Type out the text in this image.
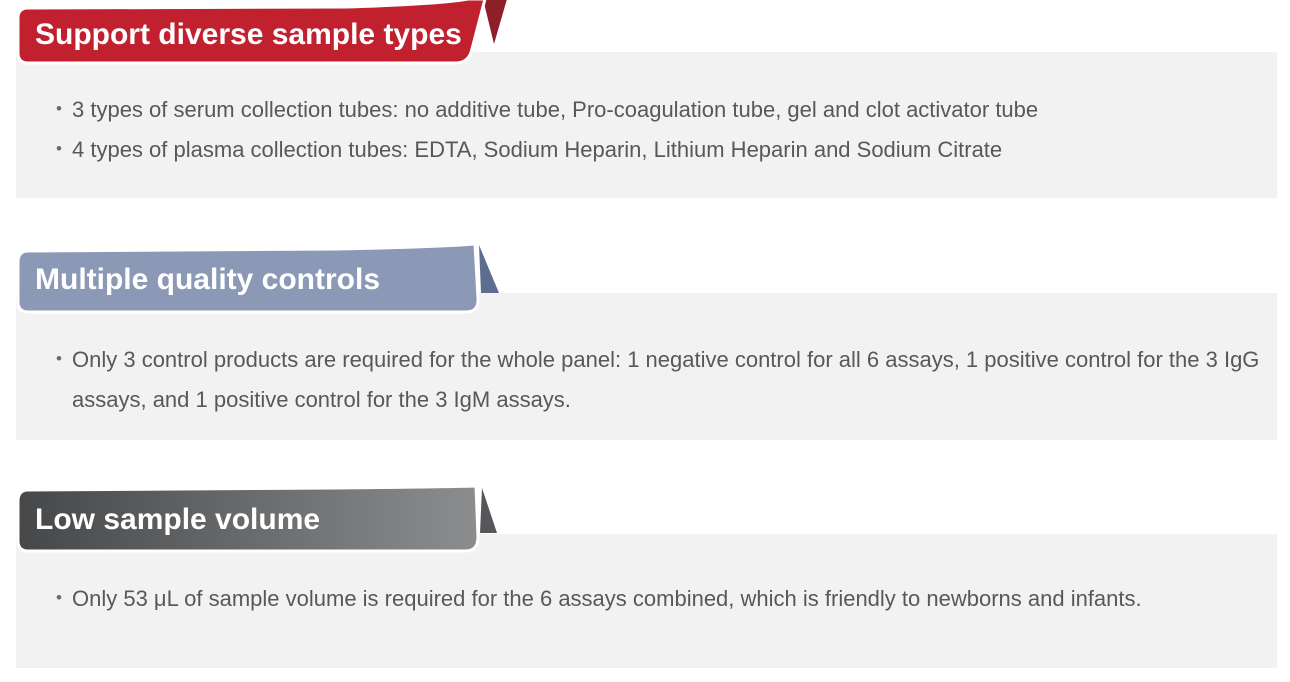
• 3 types of serum collection tubes: no additive tube, Pro-coagulation tube, gel and clot activator tube
• 4 types of plasma collection tubes: EDTA, Sodium Heparin, Lithium Heparin and Sodium Citrate
Support diverse sample types
• Only 3 control products are required for the whole panel: 1 negative control for all 6 assays, 1 positive control for the 3 IgG assays, and 1 positive control for the 3 IgM assays.
Multiple quality controls
• Only 53 μL of sample volume is required for the 6 assays combined, which is friendly to newborns and infants.
Low sample volume
